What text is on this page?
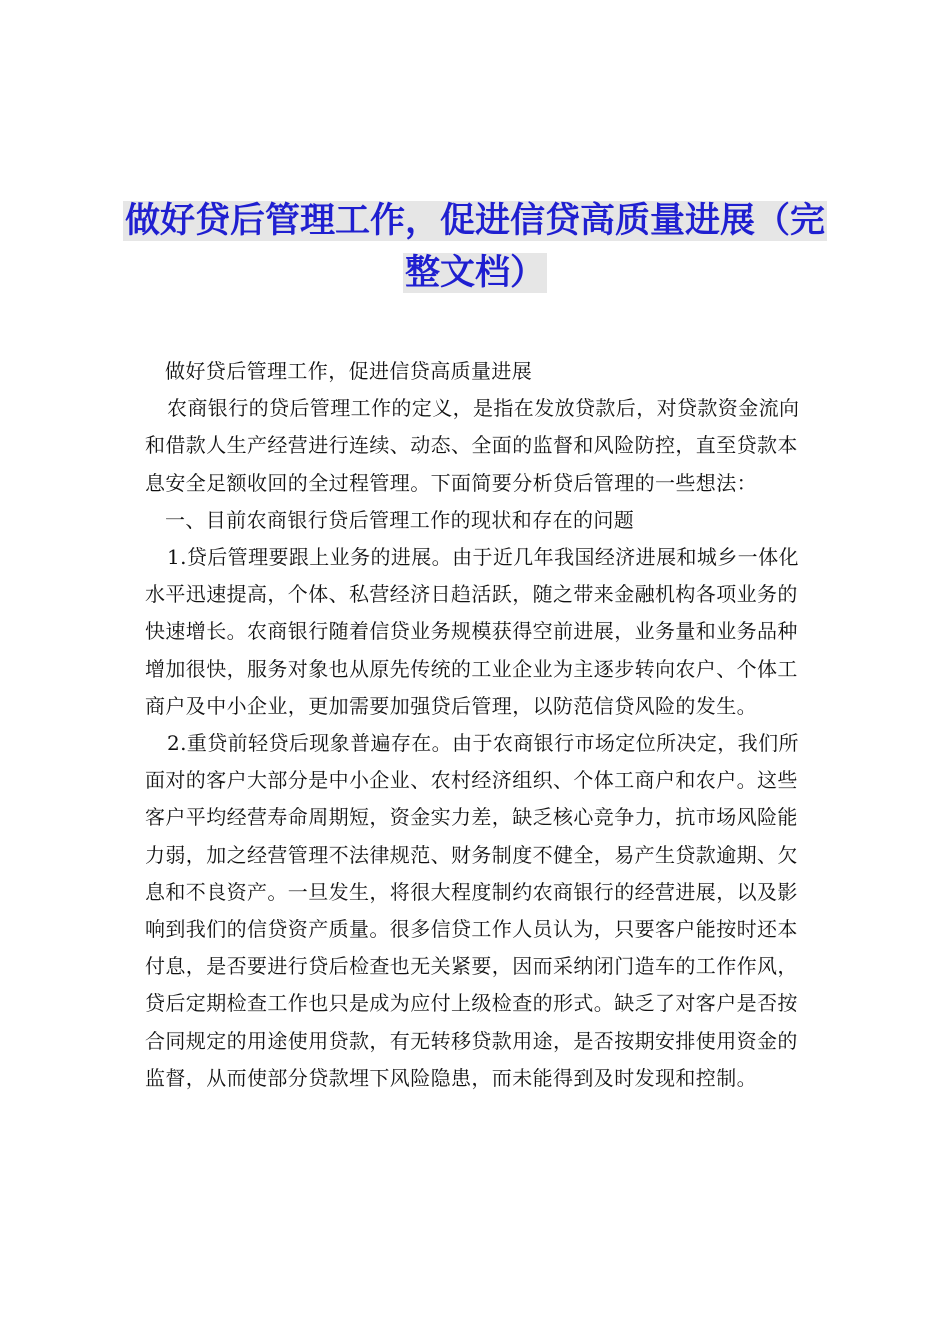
做好贷后管理工作，促进信贷高质量进展（完整文档）

做好贷后管理工作，促进信贷高质量进展

农商银行的贷后管理工作的定义，是指在发放贷款后，对贷款资金流向和借款人生产经营进行连续、动态、全面的监督和风险防控，直至贷款本息安全足额收回的全过程管理。下面简要分析贷后管理的一些想法：

一、目前农商银行贷后管理工作的现状和存在的问题

1.贷后管理要跟上业务的进展。由于近几年我国经济进展和城乡一体化水平迅速提高，个体、私营经济日趋活跃，随之带来金融机构各项业务的快速增长。农商银行随着信贷业务规模获得空前进展，业务量和业务品种增加很快，服务对象也从原先传统的工业企业为主逐步转向农户、个体工商户及中小企业，更加需要加强贷后管理，以防范信贷风险的发生。

2.重贷前轻贷后现象普遍存在。由于农商银行市场定位所决定，我们所面对的客户大部分是中小企业、农村经济组织、个体工商户和农户。这些客户平均经营寿命周期短，资金实力差，缺乏核心竞争力，抗市场风险能力弱，加之经营管理不法律规范、财务制度不健全，易产生贷款逾期、欠息和不良资产。一旦发生，将很大程度制约农商银行的经营进展，以及影响到我们的信贷资产质量。很多信贷工作人员认为，只要客户能按时还本付息，是否要进行贷后检查也无关紧要，因而采纳闭门造车的工作作风，贷后定期检查工作也只是成为应付上级检查的形式。缺乏了对客户是否按合同规定的用途使用贷款，有无转移贷款用途，是否按期安排使用资金的监督，从而使部分贷款埋下风险隐患，而未能得到及时发现和控制。
